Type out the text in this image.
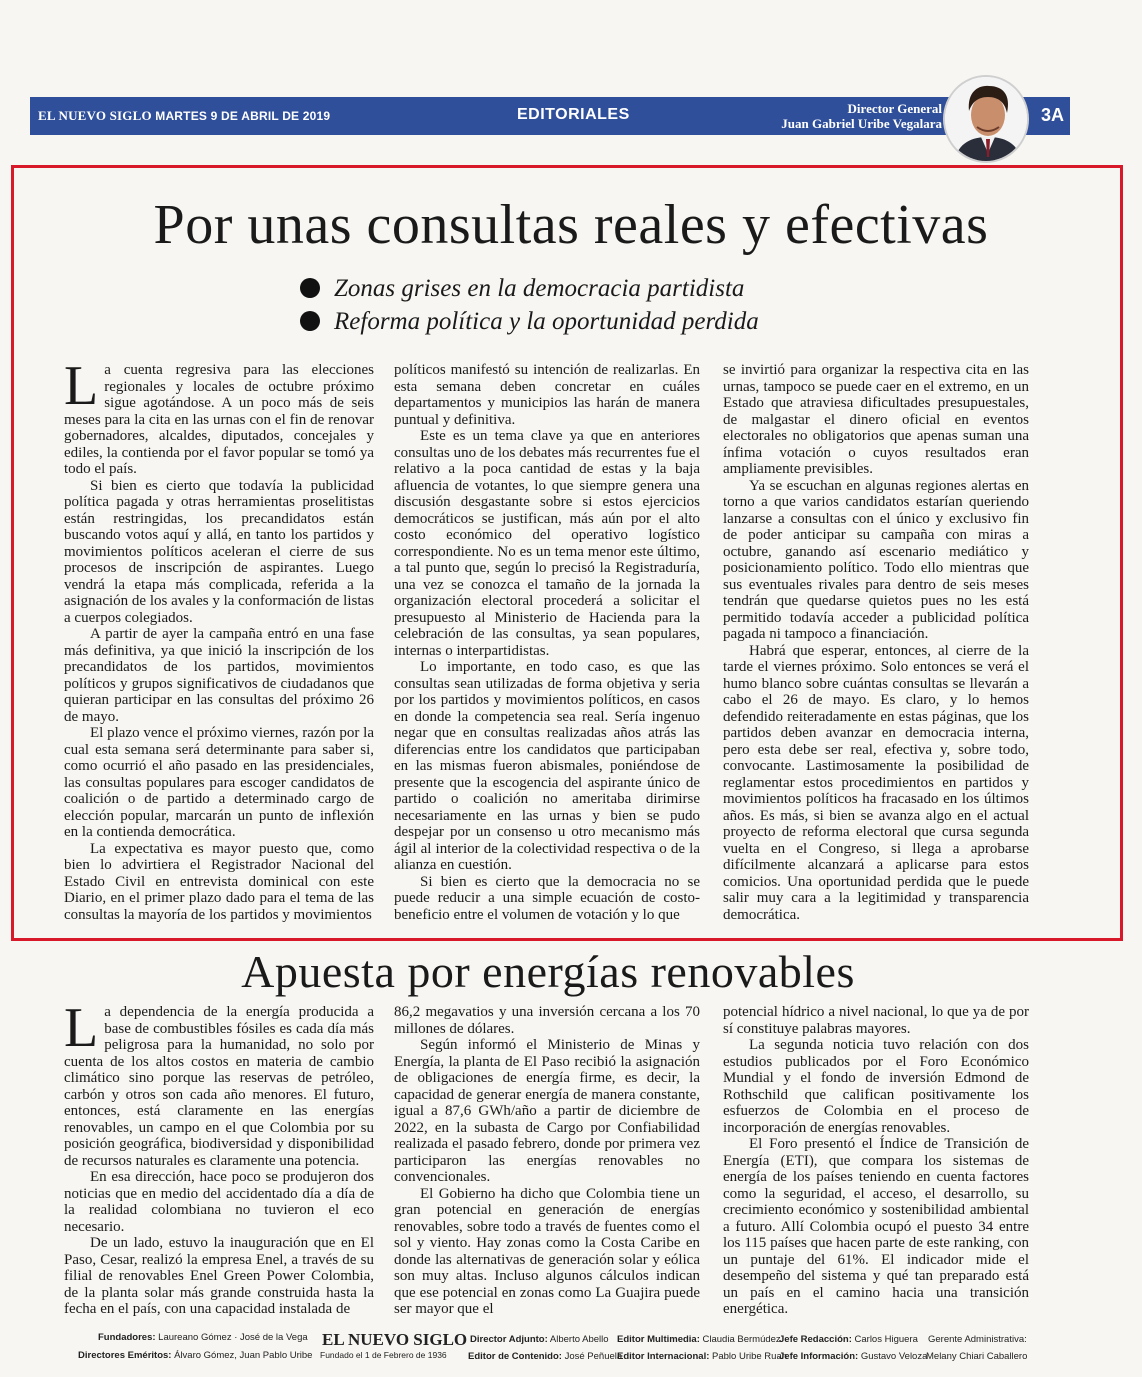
EL NUEVO SIGLO MARTES 9 DE ABRIL DE 2019	EDITORIALES	Director General
Juan Gabriel Uribe Vegalara	3A
Por unas consultas reales y efectivas
Zonas grises en la democracia partidista
Reforma política y la oportunidad perdida

La cuenta regresiva para las elecciones regionales y locales de octubre próximo sigue agotándose. A un poco más de seis meses para la cita en las urnas con el fin de renovar gobernadores, alcaldes, diputados, concejales y ediles, la contienda por el favor popular se tomó ya todo el país.

Si bien es cierto que todavía la publicidad política pagada y otras herramientas proselitistas están restringidas, los precandidatos están buscando votos aquí y allá, en tanto los partidos y movimientos políticos aceleran el cierre de sus procesos de inscripción de aspirantes. Luego vendrá la etapa más complicada, referida a la asignación de los avales y la conformación de listas a cuerpos colegiados.

A partir de ayer la campaña entró en una fase más definitiva, ya que inició la inscripción de los precandidatos de los partidos, movimientos políticos y grupos significativos de ciudadanos que quieran participar en las consultas del próximo 26 de mayo.

El plazo vence el próximo viernes, razón por la cual esta semana será determinante para saber si, como ocurrió el año pasado en las presidenciales, las consultas populares para escoger candidatos de coalición o de partido a determinado cargo de elección popular, marcarán un punto de inflexión en la contienda democrática.

La expectativa es mayor puesto que, como bien lo advirtiera el Registrador Nacional del Estado Civil en entrevista dominical con este Diario, en el primer plazo dado para el tema de las consultas la mayoría de los partidos y movimientos

políticos manifestó su intención de realizarlas. En esta semana deben concretar en cuáles departamentos y municipios las harán de manera puntual y definitiva.

Este es un tema clave ya que en anteriores consultas uno de los debates más recurrentes fue el relativo a la poca cantidad de estas y la baja afluencia de votantes, lo que siempre genera una discusión desgastante sobre si estos ejercicios democráticos se justifican, más aún por el alto costo económico del operativo logístico correspondiente. No es un tema menor este último, a tal punto que, según lo precisó la Registraduría, una vez se conozca el tamaño de la jornada la organización electoral procederá a solicitar el presupuesto al Ministerio de Hacienda para la celebración de las consultas, ya sean populares, internas o interpartidistas.

Lo importante, en todo caso, es que las consultas sean utilizadas de forma objetiva y seria por los partidos y movimientos políticos, en casos en donde la competencia sea real. Sería ingenuo negar que en consultas realizadas años atrás las diferencias entre los candidatos que participaban en las mismas fueron abismales, poniéndose de presente que la escogencia del aspirante único de partido o coalición no ameritaba dirimirse necesariamente en las urnas y bien se pudo despejar por un consenso u otro mecanismo más ágil al interior de la colectividad respectiva o de la alianza en cuestión.

Si bien es cierto que la democracia no se puede reducir a una simple ecuación de costo-beneficio entre el volumen de votación y lo que

se invirtió para organizar la respectiva cita en las urnas, tampoco se puede caer en el extremo, en un Estado que atraviesa dificultades presupuestales, de malgastar el dinero oficial en eventos electorales no obligatorios que apenas suman una ínfima votación o cuyos resultados eran ampliamente previsibles.

Ya se escuchan en algunas regiones alertas en torno a que varios candidatos estarían queriendo lanzarse a consultas con el único y exclusivo fin de poder anticipar su campaña con miras a octubre, ganando así escenario mediático y posicionamiento político. Todo ello mientras que sus eventuales rivales para dentro de seis meses tendrán que quedarse quietos pues no les está permitido todavía acceder a publicidad política pagada ni tampoco a financiación.

Habrá que esperar, entonces, al cierre de la tarde el viernes próximo. Solo entonces se verá el humo blanco sobre cuántas consultas se llevarán a cabo el 26 de mayo. Es claro, y lo hemos defendido reiteradamente en estas páginas, que los partidos deben avanzar en democracia interna, pero esta debe ser real, efectiva y, sobre todo, convocante. Lastimosamente la posibilidad de reglamentar estos procedimientos en partidos y movimientos políticos ha fracasado en los últimos años. Es más, si bien se avanza algo en el actual proyecto de reforma electoral que cursa segunda vuelta en el Congreso, si llega a aprobarse difícilmente alcanzará a aplicarse para estos comicios. Una oportunidad perdida que le puede salir muy cara a la legitimidad y transparencia democrática.

Apuesta por energías renovables

La dependencia de la energía producida a base de combustibles fósiles es cada día más peligrosa para la humanidad, no solo por cuenta de los altos costos en materia de cambio climático sino porque las reservas de petróleo, carbón y otros son cada año menores. El futuro, entonces, está claramente en las energías renovables, un campo en el que Colombia por su posición geográfica, biodiversidad y disponibilidad de recursos naturales es claramente una potencia.

En esa dirección, hace poco se produjeron dos noticias que en medio del accidentado día a día de la realidad colombiana no tuvieron el eco necesario.

De un lado, estuvo la inauguración que en El Paso, Cesar, realizó la empresa Enel, a través de su filial de renovables Enel Green Power Colombia, de la planta solar más grande construida hasta la fecha en el país, con una capacidad instalada de

86,2 megavatios y una inversión cercana a los 70 millones de dólares.

Según informó el Ministerio de Minas y Energía, la planta de El Paso recibió la asignación de obligaciones de energía firme, es decir, la capacidad de generar energía de manera constante, igual a 87,6 GWh/año a partir de diciembre de 2022, en la subasta de Cargo por Confiabilidad realizada el pasado febrero, donde por primera vez participaron las energías renovables no convencionales.

El Gobierno ha dicho que Colombia tiene un gran potencial en generación de energías renovables, sobre todo a través de fuentes como el sol y viento. Hay zonas como la Costa Caribe en donde las alternativas de generación solar y eólica son muy altas. Incluso algunos cálculos indican que ese potencial en zonas como La Guajira puede ser mayor que el

potencial hídrico a nivel nacional, lo que ya de por sí constituye palabras mayores.

La segunda noticia tuvo relación con dos estudios publicados por el Foro Económico Mundial y el fondo de inversión Edmond de Rothschild que califican positivamente los esfuerzos de Colombia en el proceso de incorporación de energías renovables.

El Foro presentó el Índice de Transición de Energía (ETI), que compara los sistemas de energía de los países teniendo en cuenta factores como la seguridad, el acceso, el desarrollo, su crecimiento económico y sostenibilidad ambiental a futuro. Allí Colombia ocupó el puesto 34 entre los 115 países que hacen parte de este ranking, con un puntaje del 61%. El indicador mide el desempeño del sistema y qué tan preparado está un país en el camino hacia una transición energética.

Fundadores: Laureano Gómez · José de la Vega
Directores Eméritos: Álvaro Gómez, Juan Pablo Uribe
EL NUEVO SIGLO
Fundado el 1 de Febrero de 1936
Director Adjunto: Alberto Abello
Editor de Contenido: José Peñuela
Editor Multimedia: Claudia Bermúdez
Editor Internacional: Pablo Uribe Ruan
Jefe Redacción: Carlos Higuera
Jefe Información: Gustavo Veloza
Gerente Administrativa:
Melany Chiari Caballero
